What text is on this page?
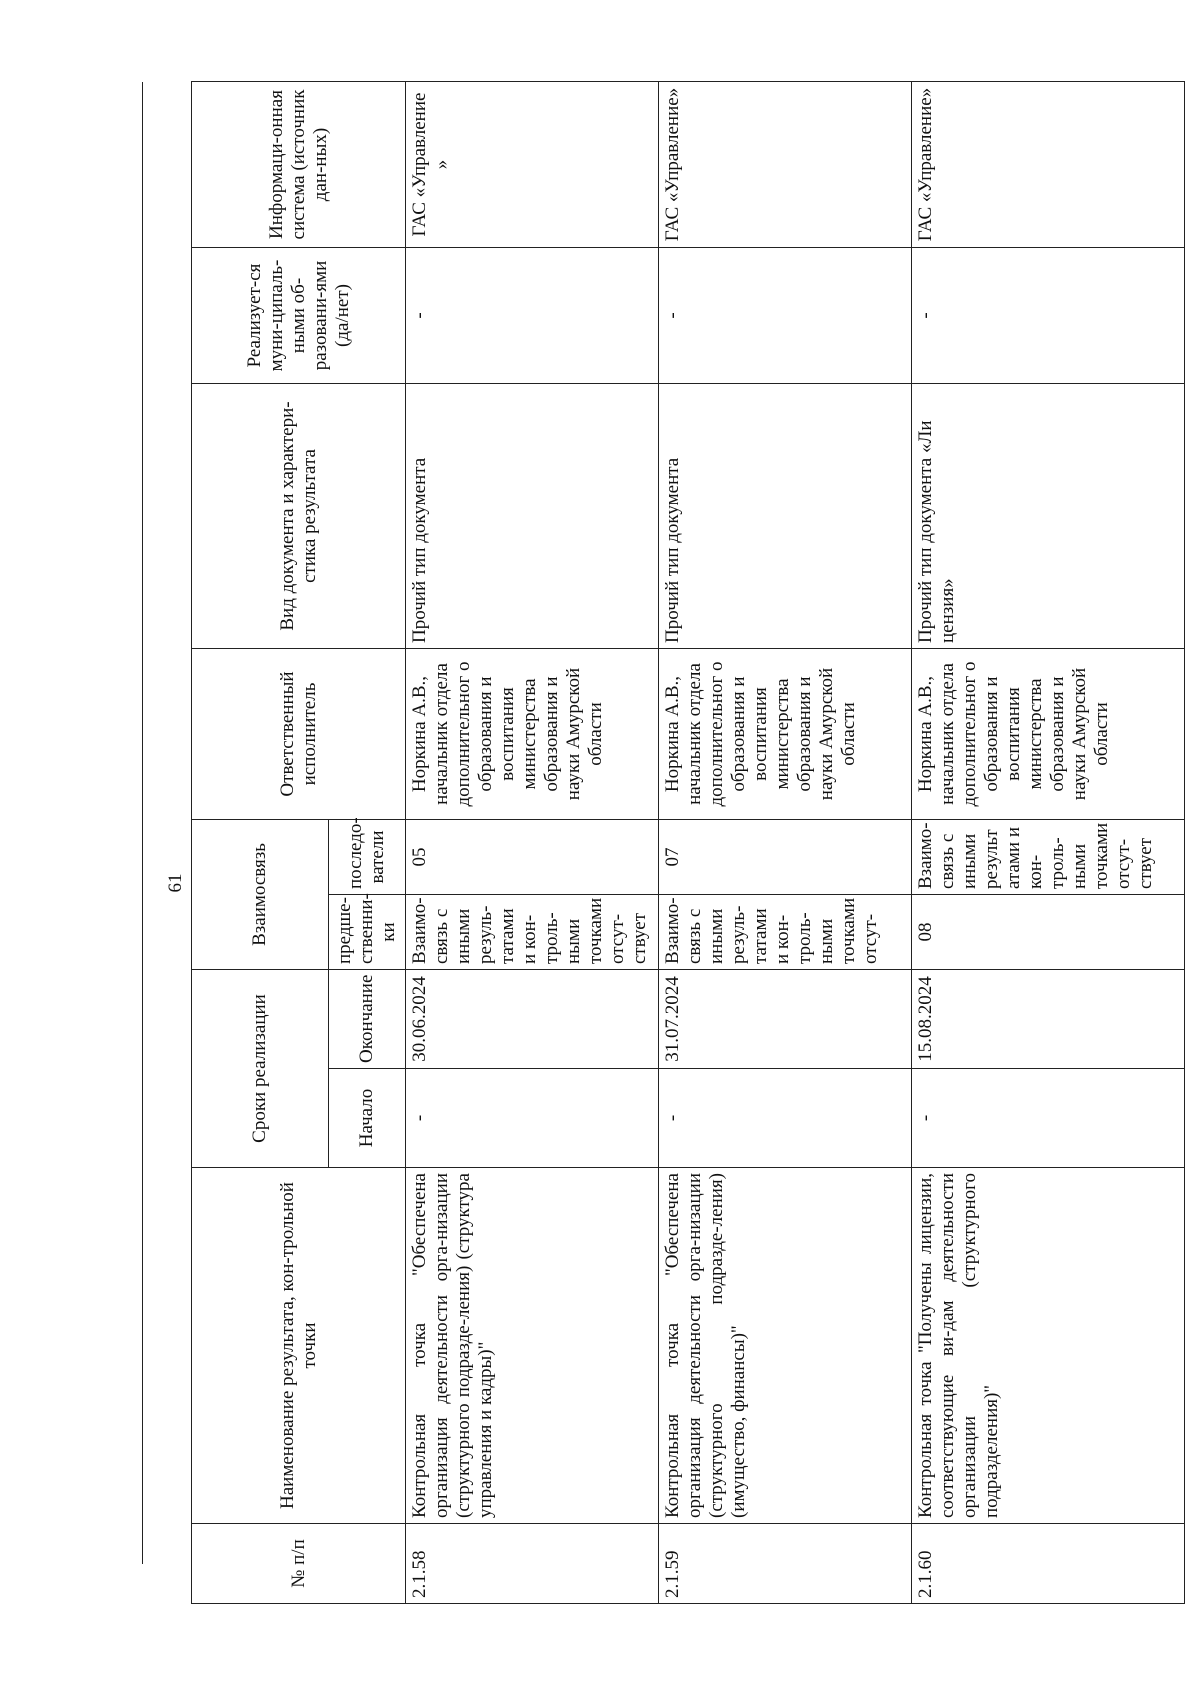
61
№ п/п	Наименование результата, кон-трольной точки	Сроки реализации		Взаимосвязь		Ответственный исполнитель	Вид документа и характери-стика результата	Реализует-ся муни-ципаль-ными об-разовани-ями (да/нет)	Информаци-онная система (источник дан-ных)
		Начало	Окончание	предше-ственни-ки	последо-ватели				
2.1.58	Контрольная точка "Обеспечена организация деятельности орга-низации (структурного подразде-ления) (структура управления и кадры)"	-	30.06.2024	Взаимо-связь с иными резуль-татами и кон-троль-ными точками отсут-ствует	05	Норкина А.В., начальник отдела дополнительног о образования и воспитания министерства образования и науки Амурской области	Прочий тип документа	-	ГАС «Управление »
2.1.59	Контрольная точка "Обеспечена организация деятельности орга-низации (структурного подразде-ления) (имущество, финансы)"	-	31.07.2024	Взаимо-связь с иными резуль-татами и кон-троль-ными точками отсут-	07	Норкина А.В., начальник отдела дополнительног о образования и воспитания министерства образования и науки Амурской области	Прочий тип документа	-	ГАС «Управление»
2.1.60	Контрольная точка "Получены лицензии, соответствующие ви-дам деятельности организации (структурного подразделения)"	-	15.08.2024	08	Взаимо-связь с иными результ атами и кон-троль-ными точками отсут-ствует	Норкина А.В., начальник отдела дополнительног о образования и воспитания министерства образования и науки Амурской области	Прочий тип документа «Ли цензия»	-	ГАС «Управление»
